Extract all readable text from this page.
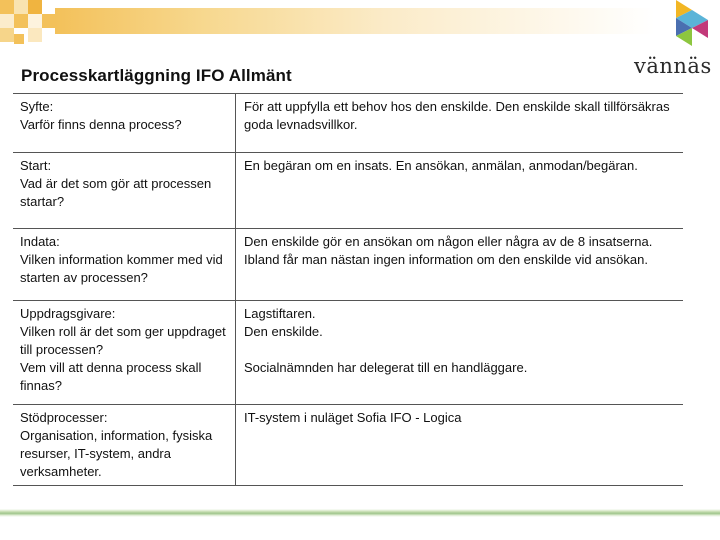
Processkartläggning IFO Allmänt	vännäs
Syfte:
Varför finns denna process?
För att uppfylla ett behov hos den enskilde. Den enskilde skall tillförsäkras goda levnadsvillkor.
Start:
Vad är det som gör att processen startar?
En begäran om en insats. En ansökan, anmälan, anmodan/begäran.
Indata:
Vilken information kommer med vid starten av processen?
Den enskilde gör en ansökan om någon eller några av de 8 insatserna. Ibland får man nästan ingen information om den enskilde vid ansökan.
Uppdragsgivare:
Vilken roll är det som ger uppdraget till processen?
Vem vill att denna process skall finnas?
Lagstiftaren.
Den enskilde.
Socialnämnden har delegerat till en handläggare.
Stödprocesser:
Organisation, information, fysiska resurser, IT-system, andra verksamheter.
IT-system i nuläget Sofia IFO - Logica
